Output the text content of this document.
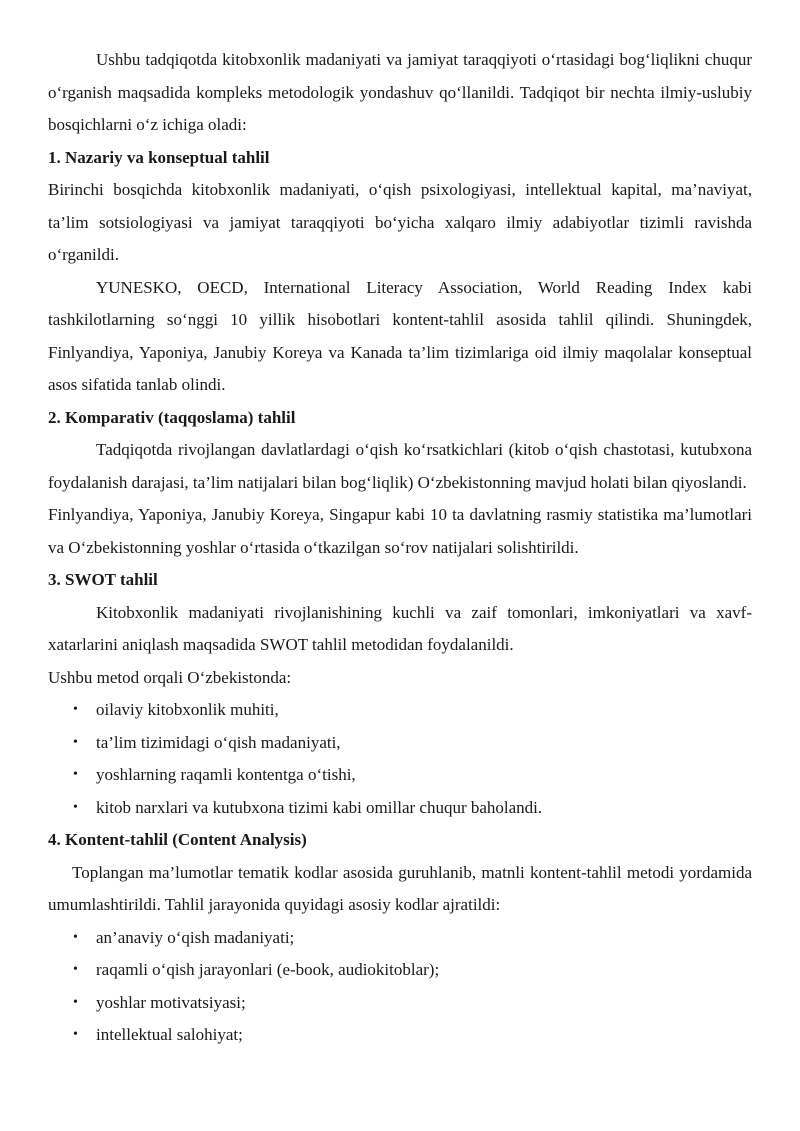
Ushbu tadqiqotda kitobxonlik madaniyati va jamiyat taraqqiyoti o‘rtasidagi bog‘liqlikni chuqur o‘rganish maqsadida kompleks metodologik yondashuv qo‘llanildi. Tadqiqot bir nechta ilmiy-uslubiy bosqichlarni o‘z ichiga oladi:

1. Nazariy va konseptual tahlil

Birinchi bosqichda kitobxonlik madaniyati, o‘qish psixologiyasi, intellektual kapital, ma’naviyat, ta’lim sotsiologiyasi va jamiyat taraqqiyoti bo‘yicha xalqaro ilmiy adabiyotlar tizimli ravishda o‘rganildi.

YUNESKO, OECD, International Literacy Association, World Reading Index kabi tashkilotlarning so‘nggi 10 yillik hisobotlari kontent-tahlil asosida tahlil qilindi. Shuningdek, Finlyandiya, Yaponiya, Janubiy Koreya va Kanada ta’lim tizimlariga oid ilmiy maqolalar konseptual asos sifatida tanlab olindi.

2. Komparativ (taqqoslama) tahlil

Tadqiqotda rivojlangan davlatlardagi o‘qish ko‘rsatkichlari (kitob o‘qish chastotasi, kutubxona foydalanish darajasi, ta’lim natijalari bilan bog‘liqlik) O‘zbekistonning mavjud holati bilan qiyoslandi.

Finlyandiya, Yaponiya, Janubiy Koreya, Singapur kabi 10 ta davlatning rasmiy statistika ma’lumotlari va O‘zbekistonning yoshlar o‘rtasida o‘tkazilgan so‘rov natijalari solishtirildi.

3. SWOT tahlil

Kitobxonlik madaniyati rivojlanishining kuchli va zaif tomonlari, imkoniyatlari va xavf-xatarlarini aniqlash maqsadida SWOT tahlil metodidan foydalanildi.

Ushbu metod orqali O‘zbekistonda:

• oilaviy kitobxonlik muhiti,
• ta’lim tizimidagi o‘qish madaniyati,
• yoshlarning raqamli kontentga o‘tishi,
• kitob narxlari va kutubxona tizimi kabi omillar chuqur baholandi.

4. Kontent-tahlil (Content Analysis)

Toplangan ma’lumotlar tematik kodlar asosida guruhlanib, matnli kontent-tahlil metodi yordamida umumlashtirildi. Tahlil jarayonida quyidagi asosiy kodlar ajratildi:

• an’anaviy o‘qish madaniyati;
• raqamli o‘qish jarayonlari (e-book, audiokitoblar);
• yoshlar motivatsiyasi;
• intellektual salohiyat;
